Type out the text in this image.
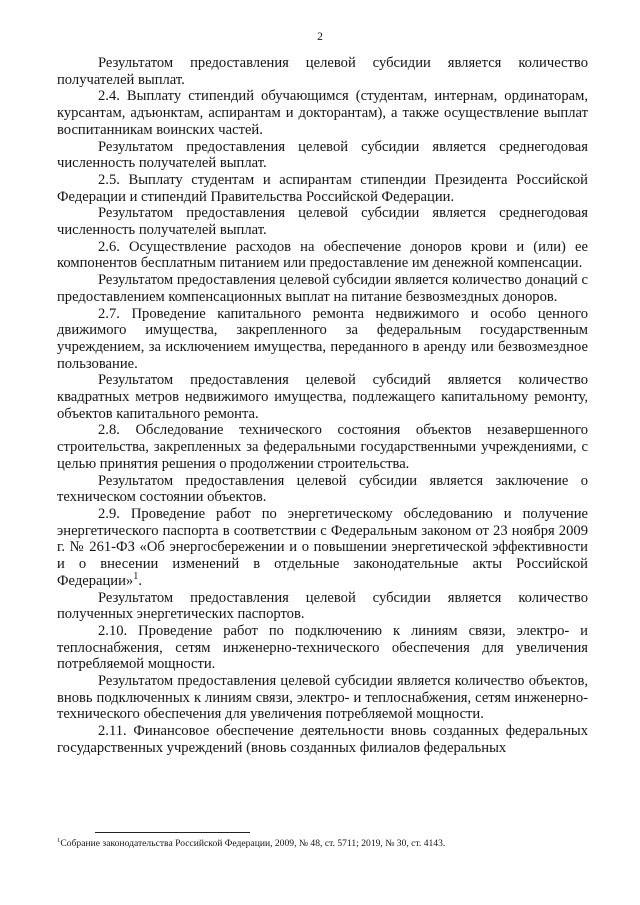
2

Результатом предоставления целевой субсидии является количество получателей выплат.

2.4. Выплату стипендий обучающимся (студентам, интернам, ординаторам, курсантам, адъюнктам, аспирантам и докторантам), а также осуществление выплат воспитанникам воинских частей.

Результатом предоставления целевой субсидии является среднегодовая численность получателей выплат.

2.5. Выплату студентам и аспирантам стипендии Президента Российской Федерации и стипендий Правительства Российской Федерации.

Результатом предоставления целевой субсидии является среднегодовая численность получателей выплат.

2.6. Осуществление расходов на обеспечение доноров крови и (или) ее компонентов бесплатным питанием или предоставление им денежной компенсации.

Результатом предоставления целевой субсидии является количество донаций с предоставлением компенсационных выплат на питание безвозмездных доноров.

2.7. Проведение капитального ремонта недвижимого и особо ценного движимого имущества, закрепленного за федеральным государственным учреждением, за исключением имущества, переданного в аренду или безвозмездное пользование.

Результатом предоставления целевой субсидий является количество квадратных метров недвижимого имущества, подлежащего капитальному ремонту, объектов капитального ремонта.

2.8. Обследование технического состояния объектов незавершенного строительства, закрепленных за федеральными государственными учреждениями, с целью принятия решения о продолжении строительства.

Результатом предоставления целевой субсидии является заключение о техническом состоянии объектов.

2.9. Проведение работ по энергетическому обследованию и получение энергетического паспорта в соответствии с Федеральным законом от 23 ноября 2009 г. № 261-ФЗ «Об энергосбережении и о повышении энергетической эффективности и о внесении изменений в отдельные законодательные акты Российской Федерации»$^1$.

Результатом предоставления целевой субсидии является количество полученных энергетических паспортов.

2.10. Проведение работ по подключению к линиям связи, электро- и теплоснабжения, сетям инженерно-технического обеспечения для увеличения потребляемой мощности.

Результатом предоставления целевой субсидии является количество объектов, вновь подключенных к линиям связи, электро- и теплоснабжения, сетям инженерно-технического обеспечения для увеличения потребляемой мощности.

2.11. Финансовое обеспечение деятельности вновь созданных федеральных государственных учреждений (вновь созданных филиалов федеральных

$^1$Собрание законодательства Российской Федерации, 2009, № 48, ст. 5711; 2019, № 30, ст. 4143.
